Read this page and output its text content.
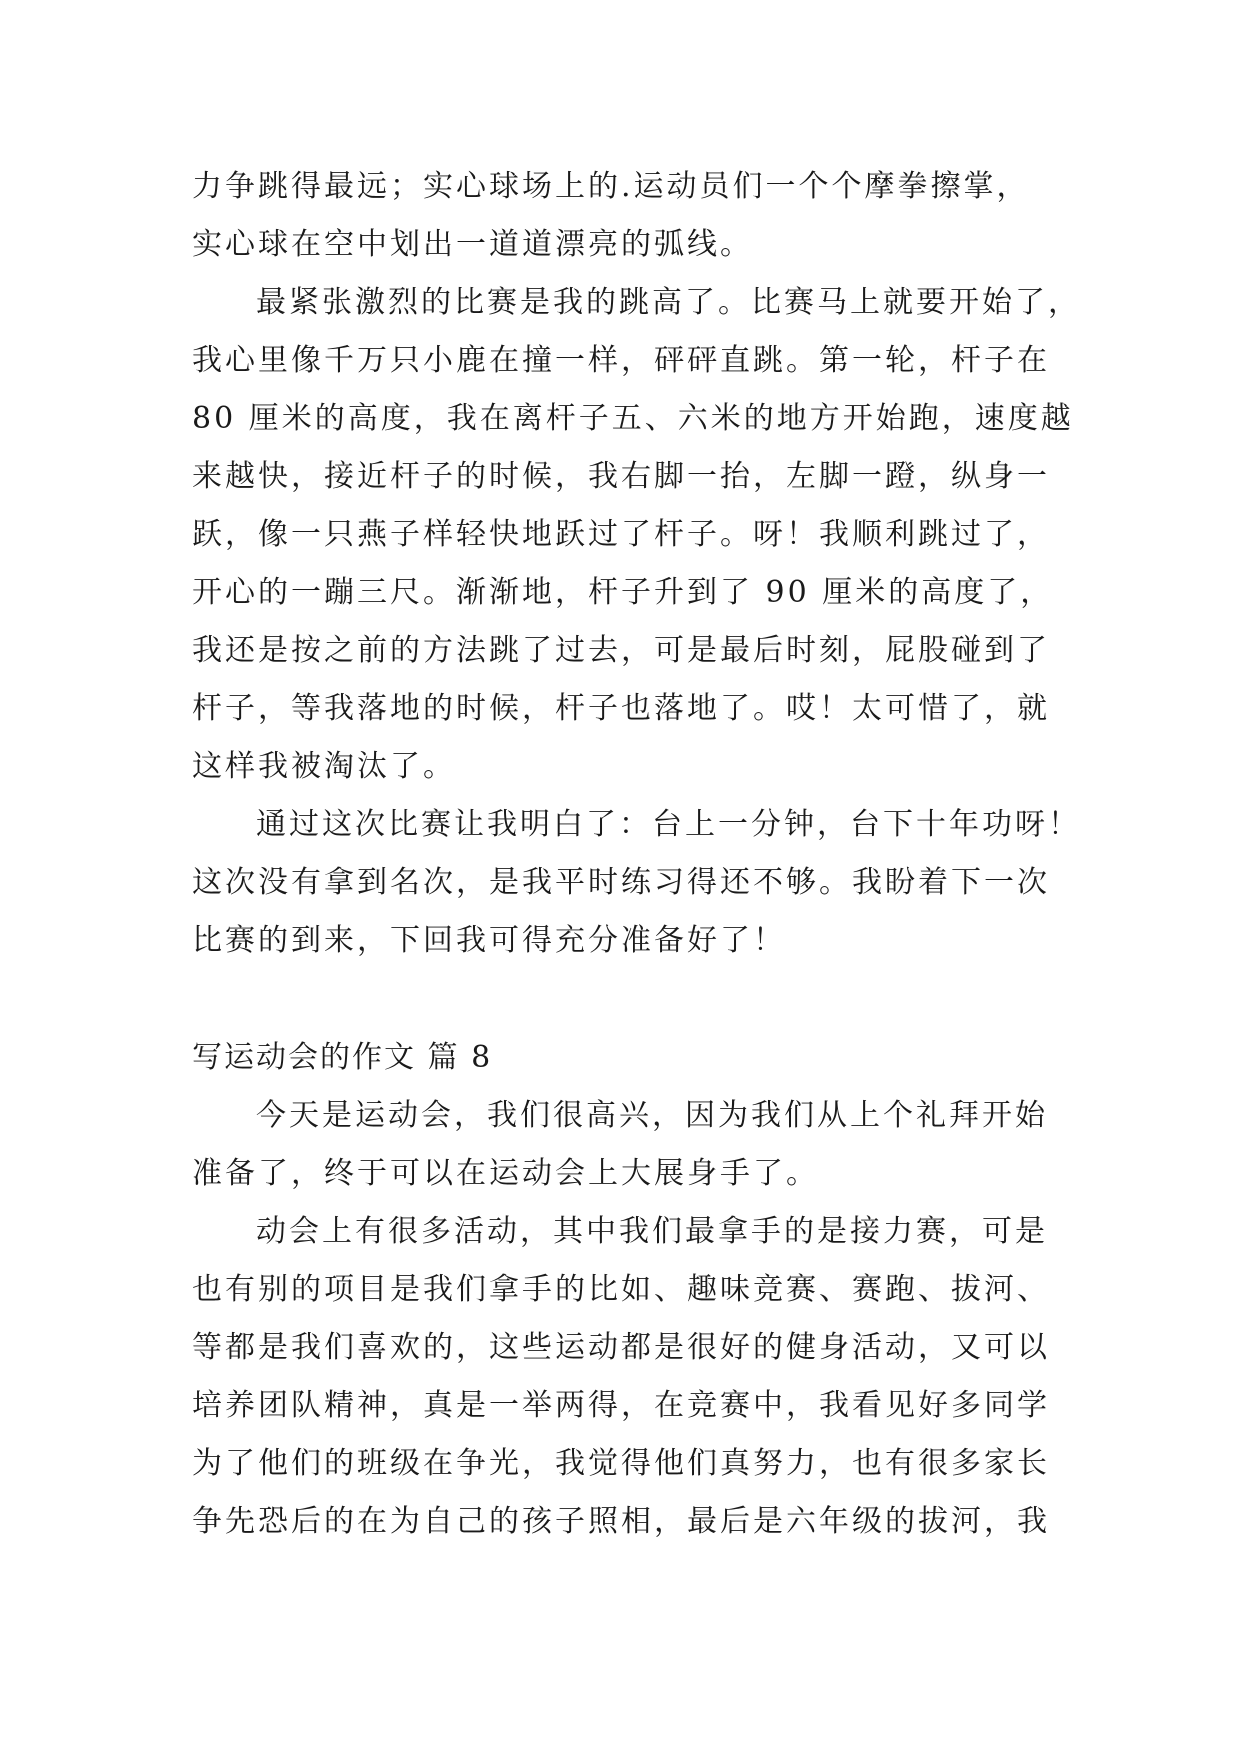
力争跳得最远；实心球场上的.运动员们一个个摩拳擦掌，
实心球在空中划出一道道漂亮的弧线。
最紧张激烈的比赛是我的跳高了。比赛马上就要开始了，
我心里像千万只小鹿在撞一样，砰砰直跳。第一轮，杆子在
80 厘米的高度，我在离杆子五、六米的地方开始跑，速度越
来越快，接近杆子的时候，我右脚一抬，左脚一蹬，纵身一
跃，像一只燕子样轻快地跃过了杆子。呀！我顺利跳过了，
开心的一蹦三尺。渐渐地，杆子升到了 90 厘米的高度了，
我还是按之前的方法跳了过去，可是最后时刻，屁股碰到了
杆子，等我落地的时候，杆子也落地了。哎！太可惜了，就
这样我被淘汰了。
通过这次比赛让我明白了：台上一分钟，台下十年功呀！
这次没有拿到名次，是我平时练习得还不够。我盼着下一次
比赛的到来，下回我可得充分准备好了！
写运动会的作文 篇 8
今天是运动会，我们很高兴，因为我们从上个礼拜开始
准备了，终于可以在运动会上大展身手了。
动会上有很多活动，其中我们最拿手的是接力赛，可是
也有别的项目是我们拿手的比如、趣味竞赛、赛跑、拔河、
等都是我们喜欢的，这些运动都是很好的健身活动，又可以
培养团队精神，真是一举两得，在竞赛中，我看见好多同学
为了他们的班级在争光，我觉得他们真努力，也有很多家长
争先恐后的在为自己的孩子照相，最后是六年级的拔河，我
